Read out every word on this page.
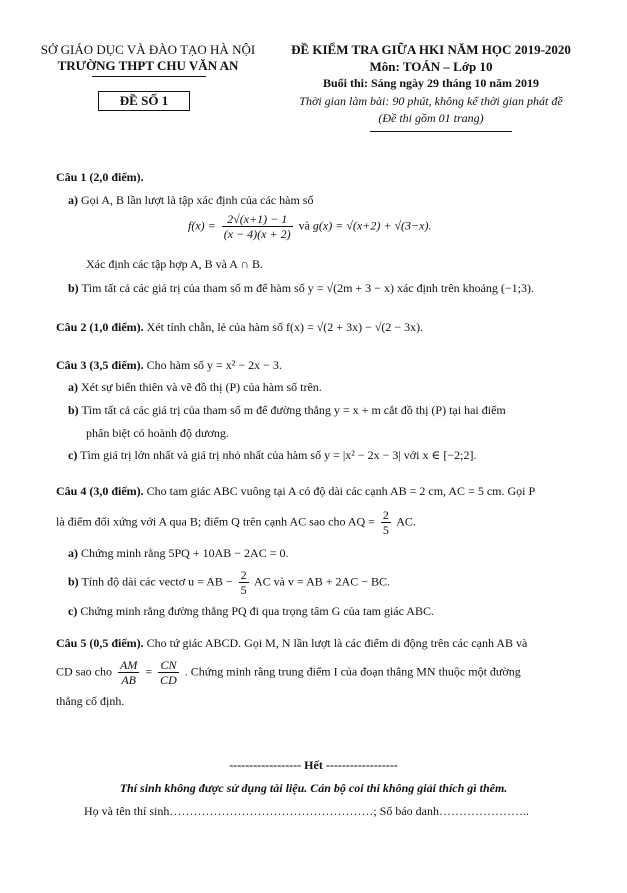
SỞ GIÁO DỤC VÀ ĐÀO TẠO HÀ NỘI
TRƯỜNG THPT CHU VĂN AN
ĐỀ SỐ 1
ĐỀ KIỂM TRA GIỮA HKI NĂM HỌC 2019-2020
Môn: TOÁN – Lớp 10
Buổi thi: Sáng ngày 29 tháng 10 năm 2019
Thời gian làm bài: 90 phút, không kể thời gian phát đề
(Đề thi gồm 01 trang)
Câu 1 (2,0 điểm).
a) Gọi A, B lần lượt là tập xác định của các hàm số
$f(x) = \frac{2√(x+1) - 1}{(x - 4)(x + 2)}$ và g(x) = √(x+2) + √(3−x).
Xác định các tập hợp A, B và A ∩ B.
b) Tìm tất cả các giá trị của tham số m để hàm số y = √(2m + 3 − x) xác định trên khoảng (−1;3).
Câu 2 (1,0 điểm). Xét tính chẵn, lẻ của hàm số f(x) = √(2 + 3x) − √(2 − 3x).
Câu 3 (3,5 điểm). Cho hàm số y = x² − 2x − 3.
a) Xét sự biến thiên và vẽ đồ thị (P) của hàm số trên.
b) Tìm tất cả các giá trị của tham số m để đường thẳng y = x + m cắt đồ thị (P) tại hai điểm
phân biệt có hoành độ dương.
c) Tìm giá trị lớn nhất và giá trị nhỏ nhất của hàm số y = |x² − 2x − 3| với x ∈ [−2;2].
Câu 4 (3,0 điểm). Cho tam giác ABC vuông tại A có độ dài các cạnh AB = 2 cm, AC = 5 cm. Gọi P
là điểm đối xứng với A qua B; điểm Q trên cạnh AC sao cho AQ = $\frac{2}{5}$ AC.
a) Chứng minh rằng 5PQ + 10AB − 2AC = 0.
b) Tính độ dài các vectơ u = AB − $\frac{2}{5}$ AC và v = AB + 2AC − BC.
c) Chứng minh rằng đường thẳng PQ đi qua trọng tâm G của tam giác ABC.
Câu 5 (0,5 điểm). Cho tứ giác ABCD. Gọi M, N lần lượt là các điểm di động trên các cạnh AB và
CD sao cho $\frac{AM}{AB} = \frac{CN}{CD}$ . Chứng minh rằng trung điểm I của đoạn thẳng MN thuộc một đường
thẳng cố định.
------------------ Hết ------------------
Thí sinh không được sử dụng tài liệu. Cán bộ coi thi không giải thích gì thêm.
Họ và tên thí sinh……………………………………………; Số báo danh…………………..
